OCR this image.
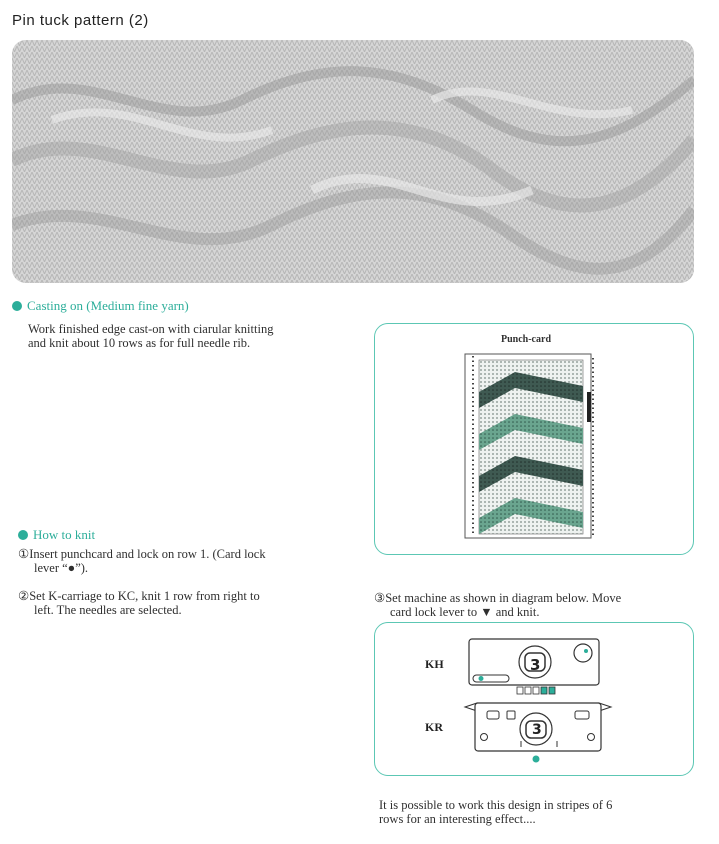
Pin tuck pattern (2)
Casting on (Medium fine yarn)
Work finished edge cast-on with ciarular knitting
and knit about 10 rows as for full needle rib.	Punch-card
How to knit
①Insert punchcard and lock on row 1. (Card lock
lever “●”).
②Set K-carriage to KC, knit 1 row from right to
left. The needles are selected.
③Set machine as shown in diagram below. Move
card lock lever to ▼ and knit.
KH
KR
3
3
It is possible to work this design in stripes of 6
rows for an interesting effect....
